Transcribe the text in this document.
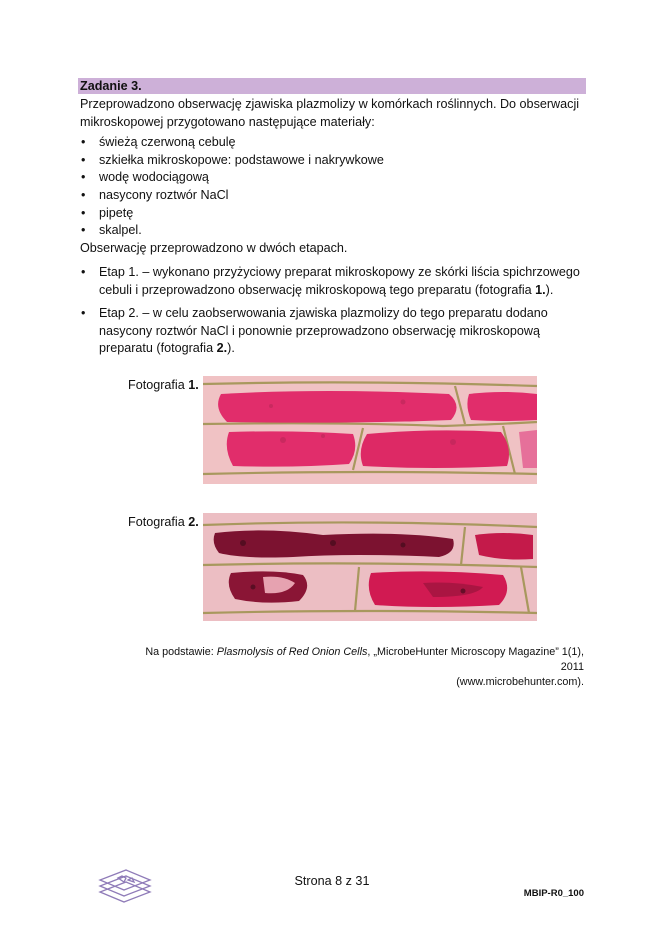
Zadanie 3.
Przeprowadzono obserwację zjawiska plazmolizy w komórkach roślinnych. Do obserwacji
mikroskopowej przygotowano następujące materiały:
• świeżą czerwoną cebulę
• szkiełka mikroskopowe: podstawowe i nakrywkowe
• wodę wodociągową
• nasycony roztwór NaCl
• pipetę
• skalpel.
Obserwację przeprowadzono w dwóch etapach.
• Etap 1. – wykonano przyżyciowy preparat mikroskopowy ze skórki liścia spichrzowego cebuli i przeprowadzono obserwację mikroskopową tego preparatu (fotografia 1.).
• Etap 2. – w celu zaobserwowania zjawiska plazmolizy do tego preparatu dodano nasycony roztwór NaCl i ponownie przeprowadzono obserwację mikroskopową preparatu (fotografia 2.).
Fotografia 1.
Fotografia 2.
Na podstawie: Plasmolysis of Red Onion Cells, „MicrobeHunter Microscopy Magazine” 1(1), 2011
(www.microbehunter.com).
Strona 8 z 31
MBIP-R0_100
